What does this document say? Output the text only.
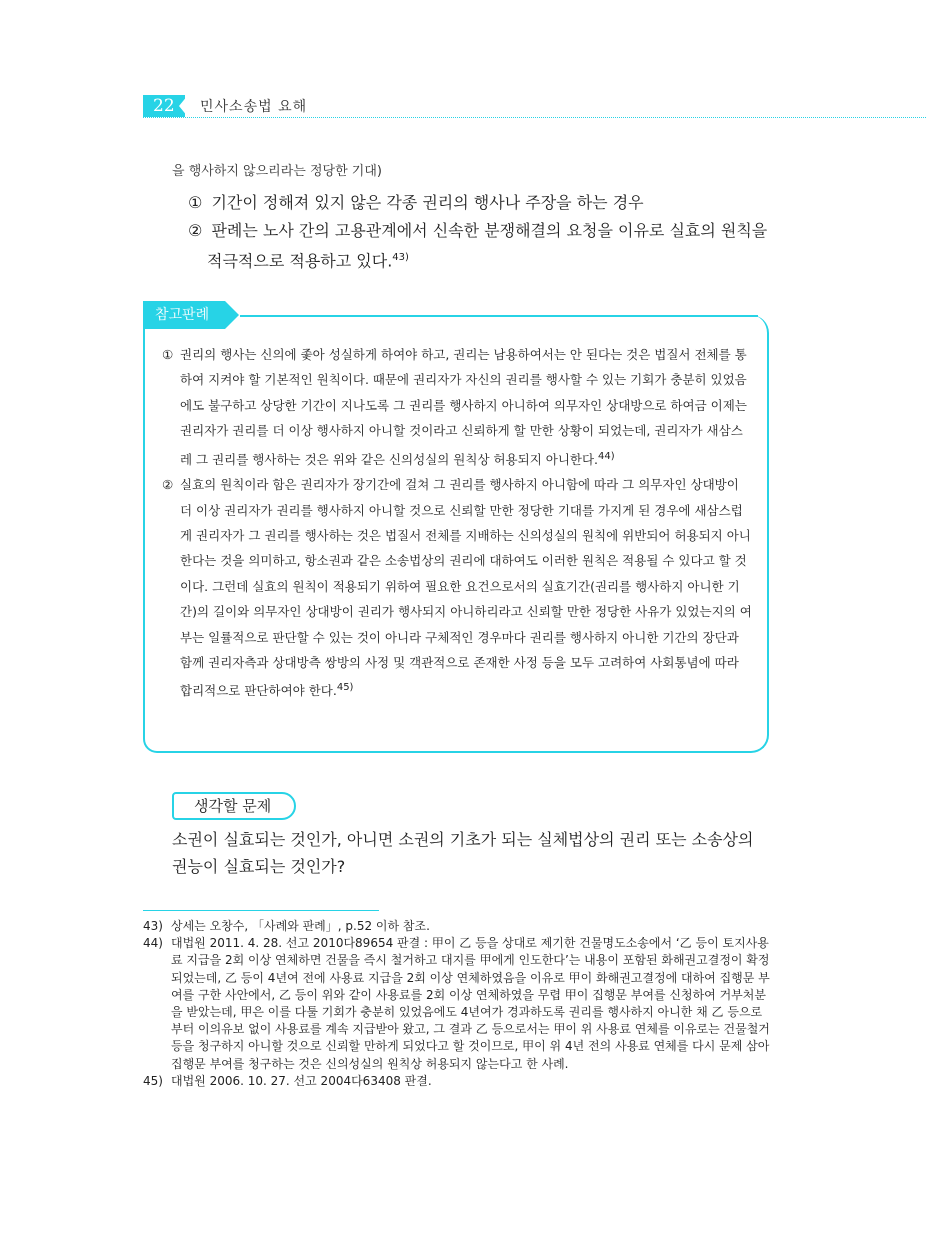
22	민사소송법 요해
을 행사하지 않으리라는 정당한 기대)
① 기간이 정해져 있지 않은 각종 권리의 행사나 주장을 하는 경우
② 판례는 노사 간의 고용관계에서 신속한 분쟁해결의 요청을 이유로 실효의 원칙을
적극적으로 적용하고 있다.$^{43)}$
참고판례

① 권리의 행사는 신의에 좇아 성실하게 하여야 하고, 권리는 남용하여서는 안 된다는 것은 법질서 전체를 통하여 지켜야 할 기본적인 원칙이다. 때문에 권리자가 자신의 권리를 행사할 수 있는 기회가 충분히 있었음에도 불구하고 상당한 기간이 지나도록 그 권리를 행사하지 아니하여 의무자인 상대방으로 하여금 이제는 권리자가 권리를 더 이상 행사하지 아니할 것이라고 신뢰하게 할 만한 상황이 되었는데, 권리자가 새삼스레 그 권리를 행사하는 것은 위와 같은 신의성실의 원칙상 허용되지 아니한다.$^{44)}$

② 실효의 원칙이라 함은 권리자가 장기간에 걸쳐 그 권리를 행사하지 아니함에 따라 그 의무자인 상대방이 더 이상 권리자가 권리를 행사하지 아니할 것으로 신뢰할 만한 정당한 기대를 가지게 된 경우에 새삼스럽게 권리자가 그 권리를 행사하는 것은 법질서 전체를 지배하는 신의성실의 원칙에 위반되어 허용되지 아니한다는 것을 의미하고, 항소권과 같은 소송법상의 권리에 대하여도 이러한 원칙은 적용될 수 있다고 할 것이다. 그런데 실효의 원칙이 적용되기 위하여 필요한 요건으로서의 실효기간(권리를 행사하지 아니한 기간)의 길이와 의무자인 상대방이 권리가 행사되지 아니하리라고 신뢰할 만한 정당한 사유가 있었는지의 여부는 일률적으로 판단할 수 있는 것이 아니라 구체적인 경우마다 권리를 행사하지 아니한 기간의 장단과 함께 권리자측과 상대방측 쌍방의 사정 및 객관적으로 존재한 사정 등을 모두 고려하여 사회통념에 따라 합리적으로 판단하여야 한다.$^{45)}$

생각할 문제
소권이 실효되는 것인가, 아니면 소권의 기초가 되는 실체법상의 권리 또는 소송상의 권능이 실효되는 것인가?

43) 상세는 오창수, 「사례와 판례」, p.52 이하 참조.

44) 대법원 2011. 4. 28. 선고 2010다89654 판결 : 甲이 乙 등을 상대로 제기한 건물명도소송에서 ‘乙 등이 토지사용료 지급을 2회 이상 연체하면 건물을 즉시 철거하고 대지를 甲에게 인도한다’는 내용이 포함된 화해권고결정이 확정되었는데, 乙 등이 4년여 전에 사용료 지급을 2회 이상 연체하였음을 이유로 甲이 화해권고결정에 대하여 집행문 부여를 구한 사안에서, 乙 등이 위와 같이 사용료를 2회 이상 연체하였을 무렵 甲이 집행문 부여를 신청하여 거부처분을 받았는데, 甲은 이를 다툴 기회가 충분히 있었음에도 4년여가 경과하도록 권리를 행사하지 아니한 채 乙 등으로부터 이의유보 없이 사용료를 계속 지급받아 왔고, 그 결과 乙 등으로서는 甲이 위 사용료 연체를 이유로는 건물철거 등을 청구하지 아니할 것으로 신뢰할 만하게 되었다고 할 것이므로, 甲이 위 4년 전의 사용료 연체를 다시 문제 삼아 집행문 부여를 청구하는 것은 신의성실의 원칙상 허용되지 않는다고 한 사례.

45) 대법원 2006. 10. 27. 선고 2004다63408 판결.
